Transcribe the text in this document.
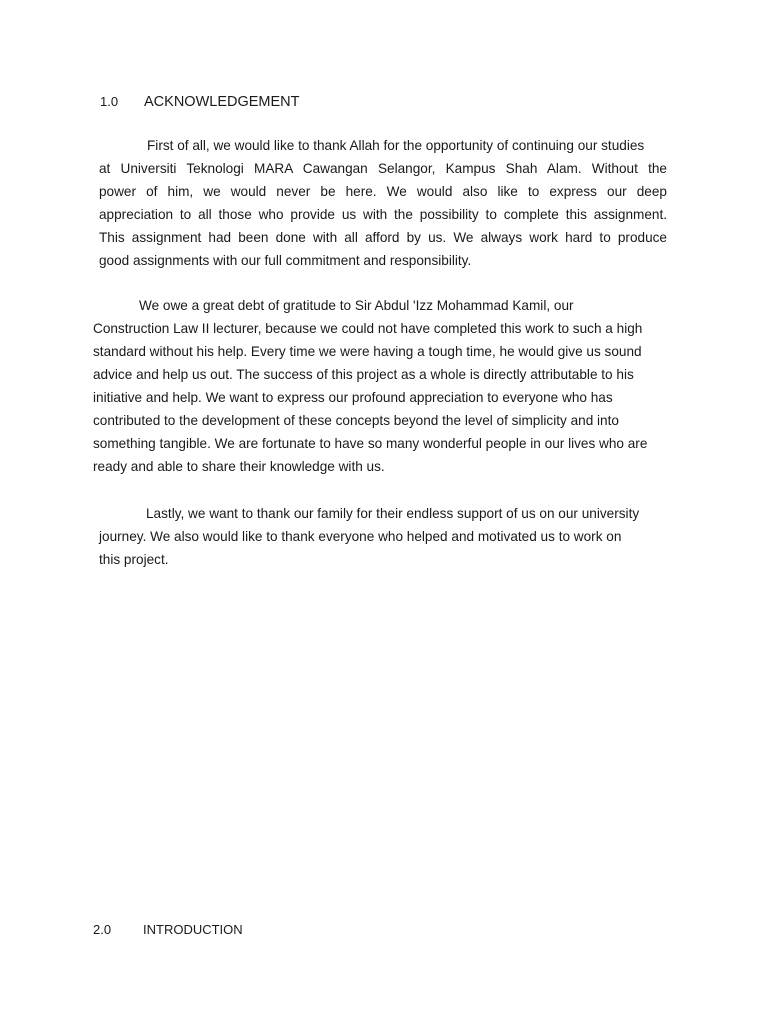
1.0 ACKNOWLEDGEMENT
First of all, we would like to thank Allah for the opportunity of continuing our studies
at Universiti Teknologi MARA Cawangan Selangor, Kampus Shah Alam. Without the
power of him, we would never be here. We would also like to express our deep
appreciation to all those who provide us with the possibility to complete this assignment.
This assignment had been done with all afford by us. We always work hard to produce
good assignments with our full commitment and responsibility.
We owe a great debt of gratitude to Sir Abdul 'Izz Mohammad Kamil, our
Construction Law II lecturer, because we could not have completed this work to such a high
standard without his help. Every time we were having a tough time, he would give us sound
advice and help us out. The success of this project as a whole is directly attributable to his
initiative and help. We want to express our profound appreciation to everyone who has
contributed to the development of these concepts beyond the level of simplicity and into
something tangible. We are fortunate to have so many wonderful people in our lives who are
ready and able to share their knowledge with us.
Lastly, we want to thank our family for their endless support of us on our university
journey. We also would like to thank everyone who helped and motivated us to work on
this project.
2.0 INTRODUCTION
